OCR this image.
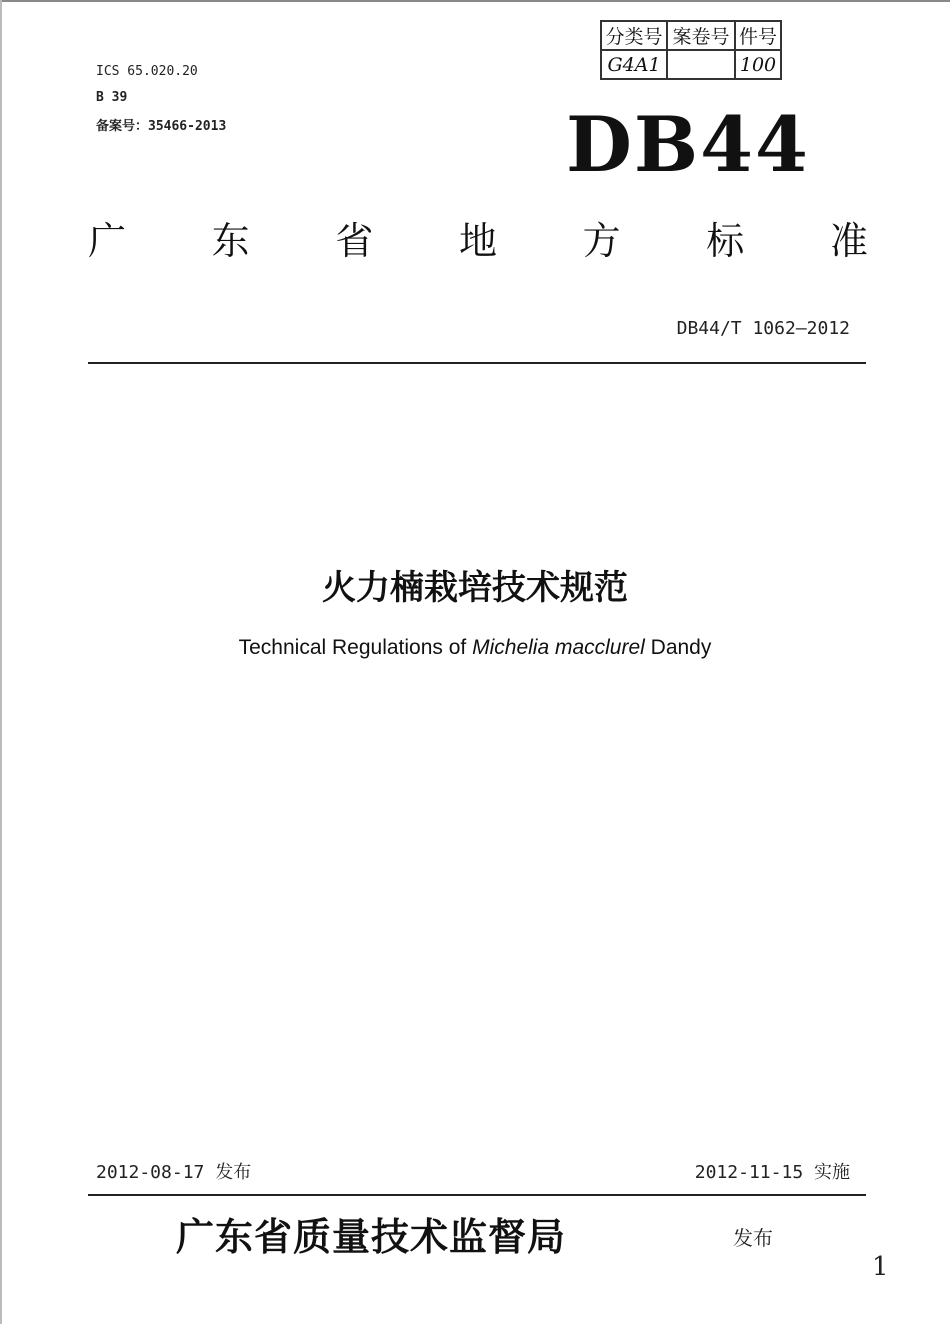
ICS 65.020.20
B 39
备案号：35466-2013
分类号	案卷号	件号
G4A1		100
DB44
广 东 省 地 方 标 准
DB44/T 1062—2012
火力楠栽培技术规范
Technical Regulations of Michelia macclurel Dandy
2012-08-17 发布	2012-11-15 实施
广东省质量技术监督局	发布
1
